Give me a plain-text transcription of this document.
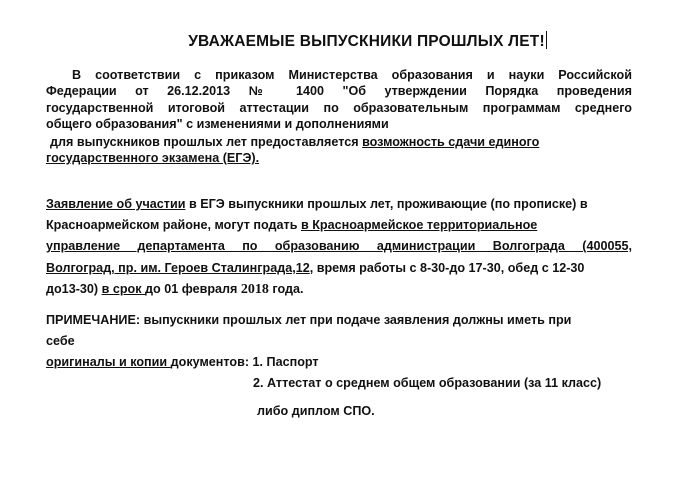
УВАЖАЕМЫЕ ВЫПУСКНИКИ ПРОШЛЫХ ЛЕТ!
В соответствии с приказом Министерства образования и науки Российской
Федерации от 26.12.2013 № 1400 "Об утверждении Порядка проведения
государственной итоговой аттестации по образовательным программам среднего
общего образования" с изменениями и дополнениями
для выпускников прошлых лет предоставляется возможность сдачи единого
государственного экзамена (ЕГЭ).
Заявление об участии в ЕГЭ выпускники прошлых лет, проживающие (по прописке) в
Красноармейском районе, могут подать в Красноармейское территориальное
управление департамента по образованию администрации Волгограда (400055,
Волгоград, пр. им. Героев Сталинграда,12, время работы с 8-30-до 17-30, обед с 12-30
до13-30) в срок до 01 февраля 2018 года.
ПРИМЕЧАНИЕ: выпускники прошлых лет при подаче заявления должны иметь при
себе
оригиналы и копии документов: 1. Паспорт
2. Аттестат о среднем общем образовании (за 11 класс)
либо диплом СПО.
